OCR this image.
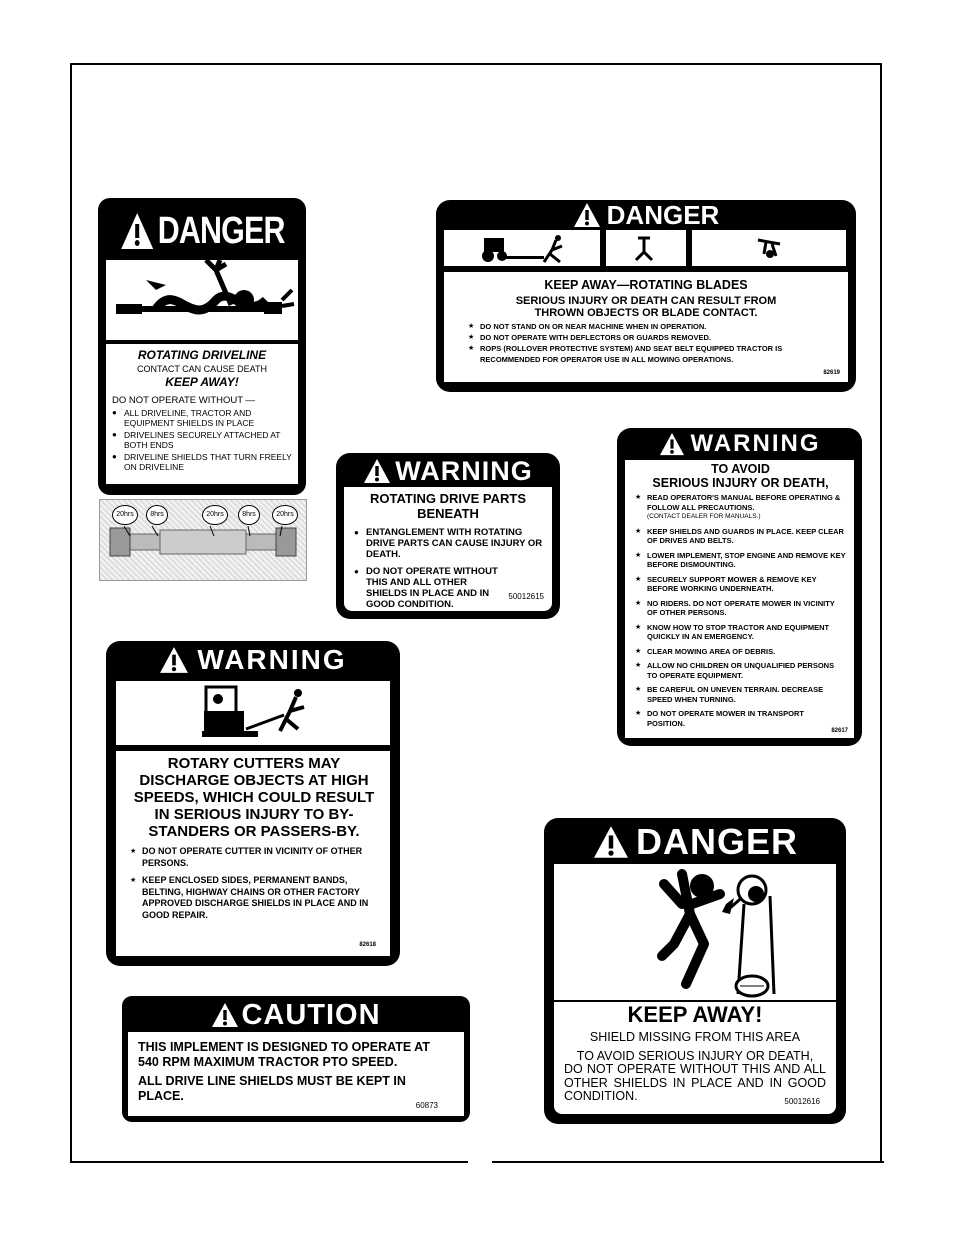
DANGER
ROTATING DRIVELINE
CONTACT CAN CAUSE DEATH
KEEP AWAY!
DO NOT OPERATE WITHOUT —
● ALL DRIVELINE, TRACTOR AND EQUIPMENT SHIELDS IN PLACE
● DRIVELINES SECURELY ATTACHED AT BOTH ENDS
● DRIVELINE SHIELDS THAT TURN FREELY ON DRIVELINE
20hrs	8hrs	20hrs	8hrs	20hrs
DANGER
KEEP AWAY—ROTATING BLADES
SERIOUS INJURY OR DEATH CAN RESULT FROM
THROWN OBJECTS OR BLADE CONTACT.
★ DO NOT STAND ON OR NEAR MACHINE WHEN IN OPERATION.
★ DO NOT OPERATE WITH DEFLECTORS OR GUARDS REMOVED.
★ ROPS (ROLLOVER PROTECTIVE SYSTEM) AND SEAT BELT EQUIPPED TRACTOR IS RECOMMENDED FOR OPERATOR USE IN ALL MOWING OPERATIONS.
82619
WARNING
ROTATING DRIVE PARTS
BENEATH
● ENTANGLEMENT WITH ROTATING DRIVE PARTS CAN CAUSE INJURY OR DEATH.
● DO NOT OPERATE WITHOUT THIS AND ALL OTHER SHIELDS IN PLACE AND IN GOOD CONDITION.
50012615
WARNING
TO AVOID
SERIOUS INJURY OR DEATH,
★ READ OPERATOR'S MANUAL BEFORE OPERATING & FOLLOW ALL PRECAUTIONS.
(CONTACT DEALER FOR MANUALS.)
★ KEEP SHIELDS AND GUARDS IN PLACE. KEEP CLEAR OF DRIVES AND BELTS.
★ LOWER IMPLEMENT, STOP ENGINE AND REMOVE KEY BEFORE DISMOUNTING.
★ SECURELY SUPPORT MOWER & REMOVE KEY BEFORE WORKING UNDERNEATH.
★ NO RIDERS. DO NOT OPERATE MOWER IN VICINITY OF OTHER PERSONS.
★ KNOW HOW TO STOP TRACTOR AND EQUIPMENT QUICKLY IN AN EMERGENCY.
★ CLEAR MOWING AREA OF DEBRIS.
★ ALLOW NO CHILDREN OR UNQUALIFIED PERSONS TO OPERATE EQUIPMENT.
★ BE CAREFUL ON UNEVEN TERRAIN. DECREASE SPEED WHEN TURNING.
★ DO NOT OPERATE MOWER IN TRANSPORT POSITION.
82617
WARNING
ROTARY CUTTERS MAY DISCHARGE OBJECTS AT HIGH SPEEDS, WHICH COULD RESULT IN SERIOUS INJURY TO BY-STANDERS OR PASSERS-BY.
★ DO NOT OPERATE CUTTER IN VICINITY OF OTHER PERSONS.
★ KEEP ENCLOSED SIDES, PERMANENT BANDS, BELTING, HIGHWAY CHAINS OR OTHER FACTORY APPROVED DISCHARGE SHIELDS IN PLACE AND IN GOOD REPAIR.
82618
CAUTION
THIS IMPLEMENT IS DESIGNED TO OPERATE AT 540 RPM MAXIMUM TRACTOR PTO SPEED.
ALL DRIVE LINE SHIELDS MUST BE KEPT IN PLACE.
60873
DANGER
KEEP AWAY!
SHIELD MISSING FROM THIS AREA
TO AVOID SERIOUS INJURY OR DEATH,
DO NOT OPERATE WITHOUT THIS AND ALL OTHER SHIELDS IN PLACE AND IN GOOD CONDITION.	50012616
